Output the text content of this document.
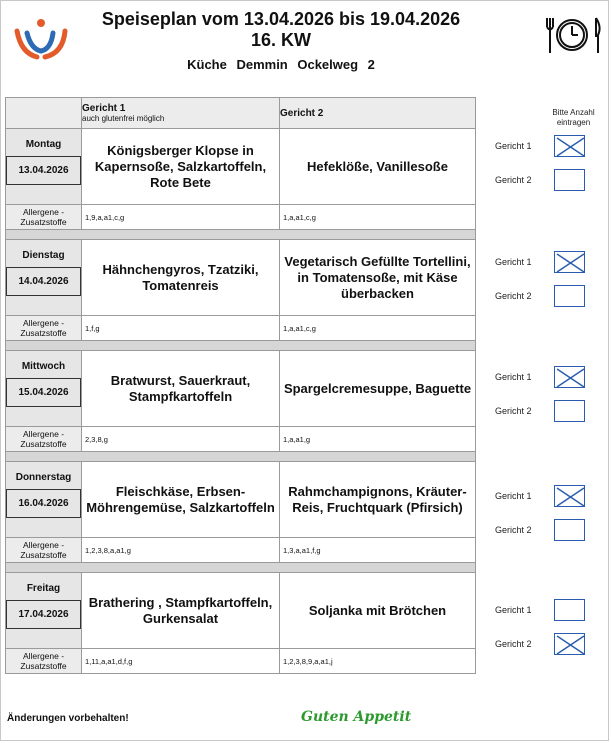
Speiseplan vom 13.04.2026 bis 19.04.2026
16. KW
Küche Demmin Ockelweg 2
Bitte Anzahl eintragen
	Gericht 1
auch glutenfrei möglich	Gericht 2

Montag
13.04.2026	Königsberger Klopse in Kapernsoße, Salzkartoffeln, Rote Bete	Hefeklöße, Vanillesoße
Allergene - Zusatzstoffe	1,9,a,a1,c,g	1,a,a1,c,g

Dienstag
14.04.2026	Hähnchengyros, Tzatziki, Tomatenreis	Vegetarisch Gefüllte Tortellini, in Tomatensoße, mit Käse überbacken
Allergene - Zusatzstoffe	1,f,g	1,a,a1,c,g

Mittwoch
15.04.2026	Bratwurst, Sauerkraut, Stampfkartoffeln	Spargelcremesuppe, Baguette
Allergene - Zusatzstoffe	2,3,8,g	1,a,a1,g

Donnerstag
16.04.2026	Fleischkäse, Erbsen-Möhrengemüse, Salzkartoffeln	Rahmchampignons, Kräuter-Reis, Fruchtquark (Pfirsich)
Allergene - Zusatzstoffe	1,2,3,8,a,a1,g	1,3,a,a1,f,g

Freitag
17.04.2026	Brathering , Stampfkartoffeln, Gurkensalat	Soljanka mit Brötchen
Allergene - Zusatzstoffe	1,11,a,a1,d,f,g	1,2,3,8,9,a,a1,j
Gericht 1
Gericht 2
Gericht 1
Gericht 2
Gericht 1
Gericht 2
Gericht 1
Gericht 2
Gericht 1
Gericht 2
Änderungen vorbehalten!	Guten Appetit
